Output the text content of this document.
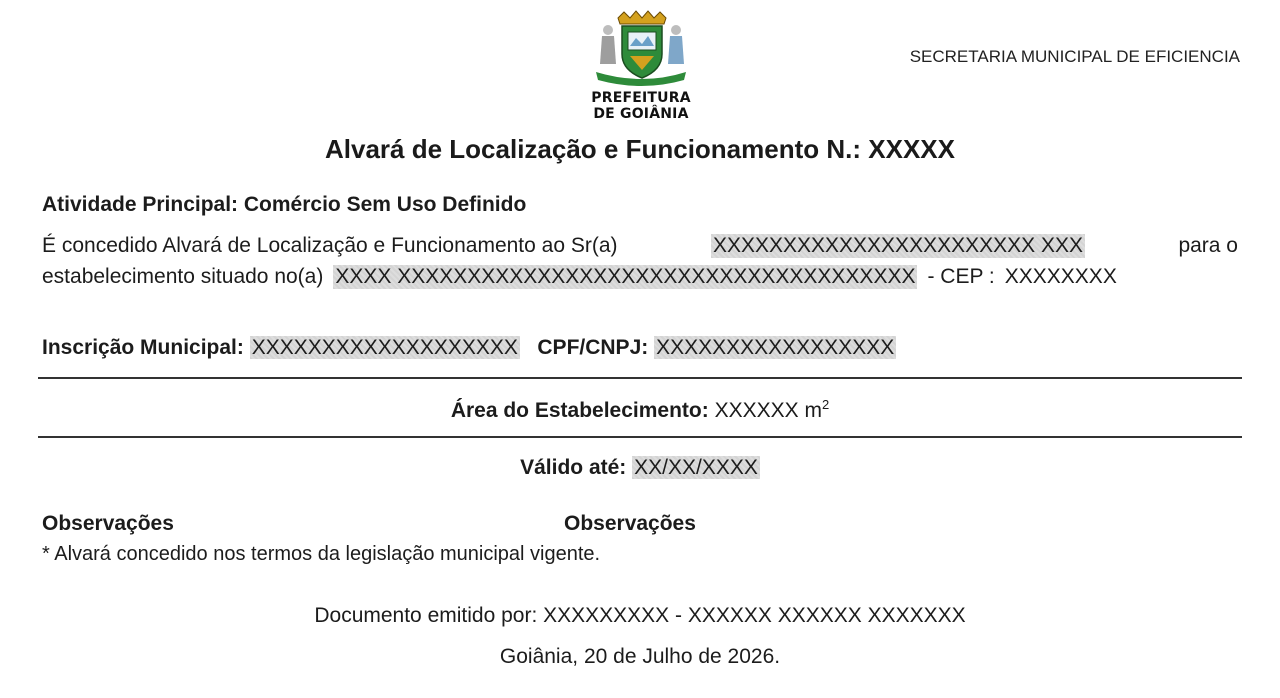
PREFEITURA
DE GOIÂNIA
SECRETARIA MUNICIPAL DE EFICIENCIA
Alvará de Localização e Funcionamento N.: XXXXX
Atividade Principal: Comércio Sem Uso Definido
É concedido Alvará de Localização e Funcionamento ao Sr(a)	XXXXXXXXXXXXXXXXXXXXXXX XXX	para o
estabelecimento situado no(a) XXXX XXXXXXXXXXXXXXXXXXXXXXXXXXXXXXXXXXXXX - CEP : XXXXXXXX
Inscrição Municipal: XXXXXXXXXXXXXXXXXXX CPF/CNPJ: XXXXXXXXXXXXXXXXX
Área do Estabelecimento: XXXXXX $m^2$
Válido até: XX/XX/XXXX
Observações	Observações
* Alvará concedido nos termos da legislação municipal vigente.
Documento emitido por: XXXXXXXXX - XXXXXX XXXXXX XXXXXXX
Goiânia, 20 de Julho de 2026.
